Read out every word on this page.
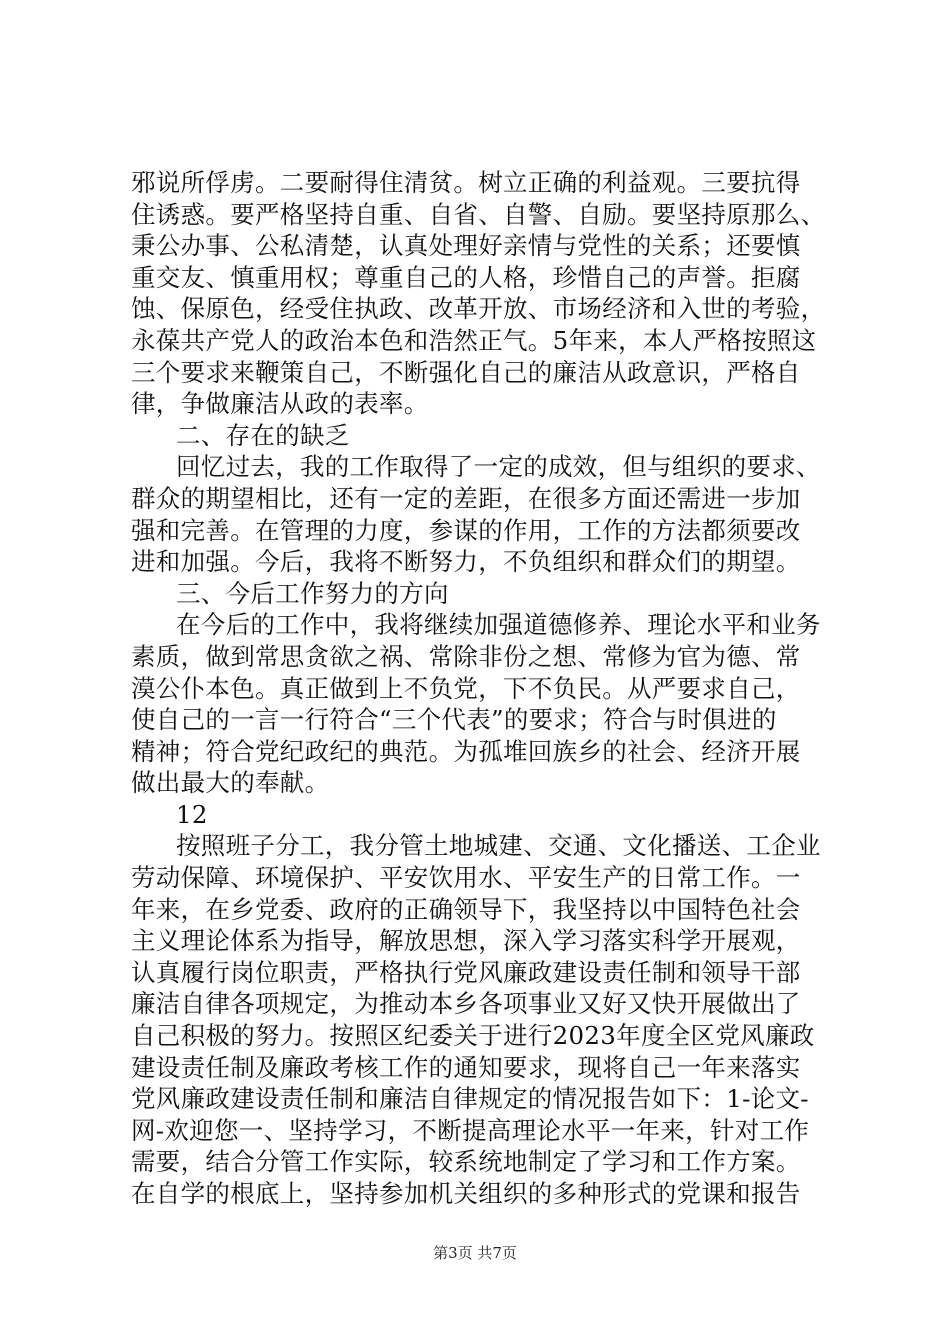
邪说所俘虏。二要耐得住清贫。树立正确的利益观。三要抗得
住诱惑。要严格坚持自重、自省、自警、自励。要坚持原那么、
秉公办事、公私清楚，认真处理好亲情与党性的关系；还要慎
重交友、慎重用权；尊重自己的人格，珍惜自己的声誉。拒腐
蚀、保原色，经受住执政、改革开放、市场经济和入世的考验，
永葆共产党人的政治本色和浩然正气。5年来，本人严格按照这
三个要求来鞭策自己，不断强化自己的廉洁从政意识，严格自
律，争做廉洁从政的表率。
二、存在的缺乏
回忆过去，我的工作取得了一定的成效，但与组织的要求、
群众的期望相比，还有一定的差距，在很多方面还需进一步加
强和完善。在管理的力度，参谋的作用，工作的方法都须要改
进和加强。今后，我将不断努力，不负组织和群众们的期望。
三、今后工作努力的方向
在今后的工作中，我将继续加强道德修养、理论水平和业务
素质，做到常思贪欲之祸、常除非份之想、常修为官为德、常
漠公仆本色。真正做到上不负党，下不负民。从严要求自己，
使自己的一言一行符合“三个代表”的要求；符合与时俱进的
精神；符合党纪政纪的典范。为孤堆回族乡的社会、经济开展
做出最大的奉献。
12
按照班子分工，我分管土地城建、交通、文化播送、工企业
劳动保障、环境保护、平安饮用水、平安生产的日常工作。一
年来，在乡党委、政府的正确领导下，我坚持以中国特色社会
主义理论体系为指导，解放思想，深入学习落实科学开展观，
认真履行岗位职责，严格执行党风廉政建设责任制和领导干部
廉洁自律各项规定，为推动本乡各项事业又好又快开展做出了
自己积极的努力。按照区纪委关于进行2023年度全区党风廉政
建设责任制及廉政考核工作的通知要求，现将自己一年来落实
党风廉政建设责任制和廉洁自律规定的情况报告如下：1-论文-
网-欢迎您一、坚持学习，不断提高理论水平一年来，针对工作
需要，结合分管工作实际，较系统地制定了学习和工作方案。
在自学的根底上，坚持参加机关组织的多种形式的党课和报告
第3页 共7页
